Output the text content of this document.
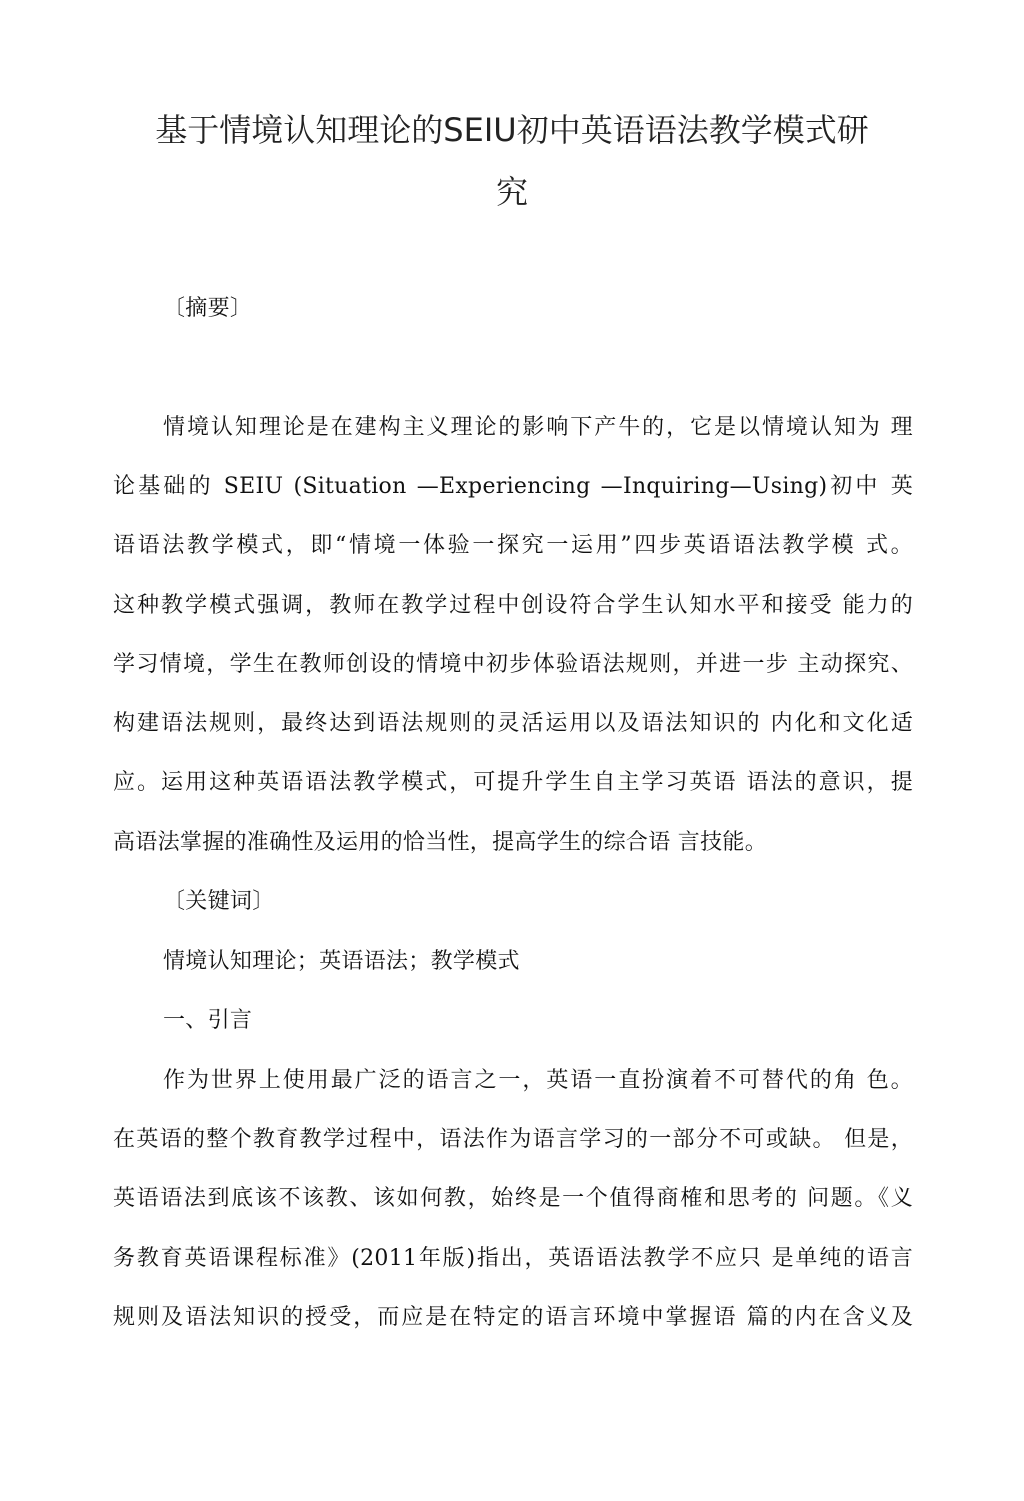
基于情境认知理论的SEIU初中英语语法教学模式研
究
〔摘要〕
情境认知理论是在建构主义理论的影响下产牛的，它是以情境认知为 理
论基础的 SEIU (Situation —Experiencing —Inquiring—Using)初中 英
语语法教学模式，即“情境一体验一探究一运用”四步英语语法教学模 式。
这种教学模式强调，教师在教学过程中创设符合学生认知水平和接受 能力的
学习情境，学生在教师创设的情境中初步体验语法规则，并进一步 主动探究、
构建语法规则，最终达到语法规则的灵活运用以及语法知识的 内化和文化适
应。运用这种英语语法教学模式，可提升学生自主学习英语 语法的意识，提
高语法掌握的准确性及运用的恰当性，提高学生的综合语 言技能。
〔关键词〕
情境认知理论；英语语法；教学模式
一、引言
作为世界上使用最广泛的语言之一，英语一直扮演着不可替代的角 色。
在英语的整个教育教学过程中，语法作为语言学习的一部分不可或缺。 但是，
英语语法到底该不该教、该如何教，始终是一个值得商榷和思考的 问题。《义
务教育英语课程标准》(2011年版)指出，英语语法教学不应只 是单纯的语言
规则及语法知识的授受，而应是在特定的语言环境中掌握语 篇的内在含义及
